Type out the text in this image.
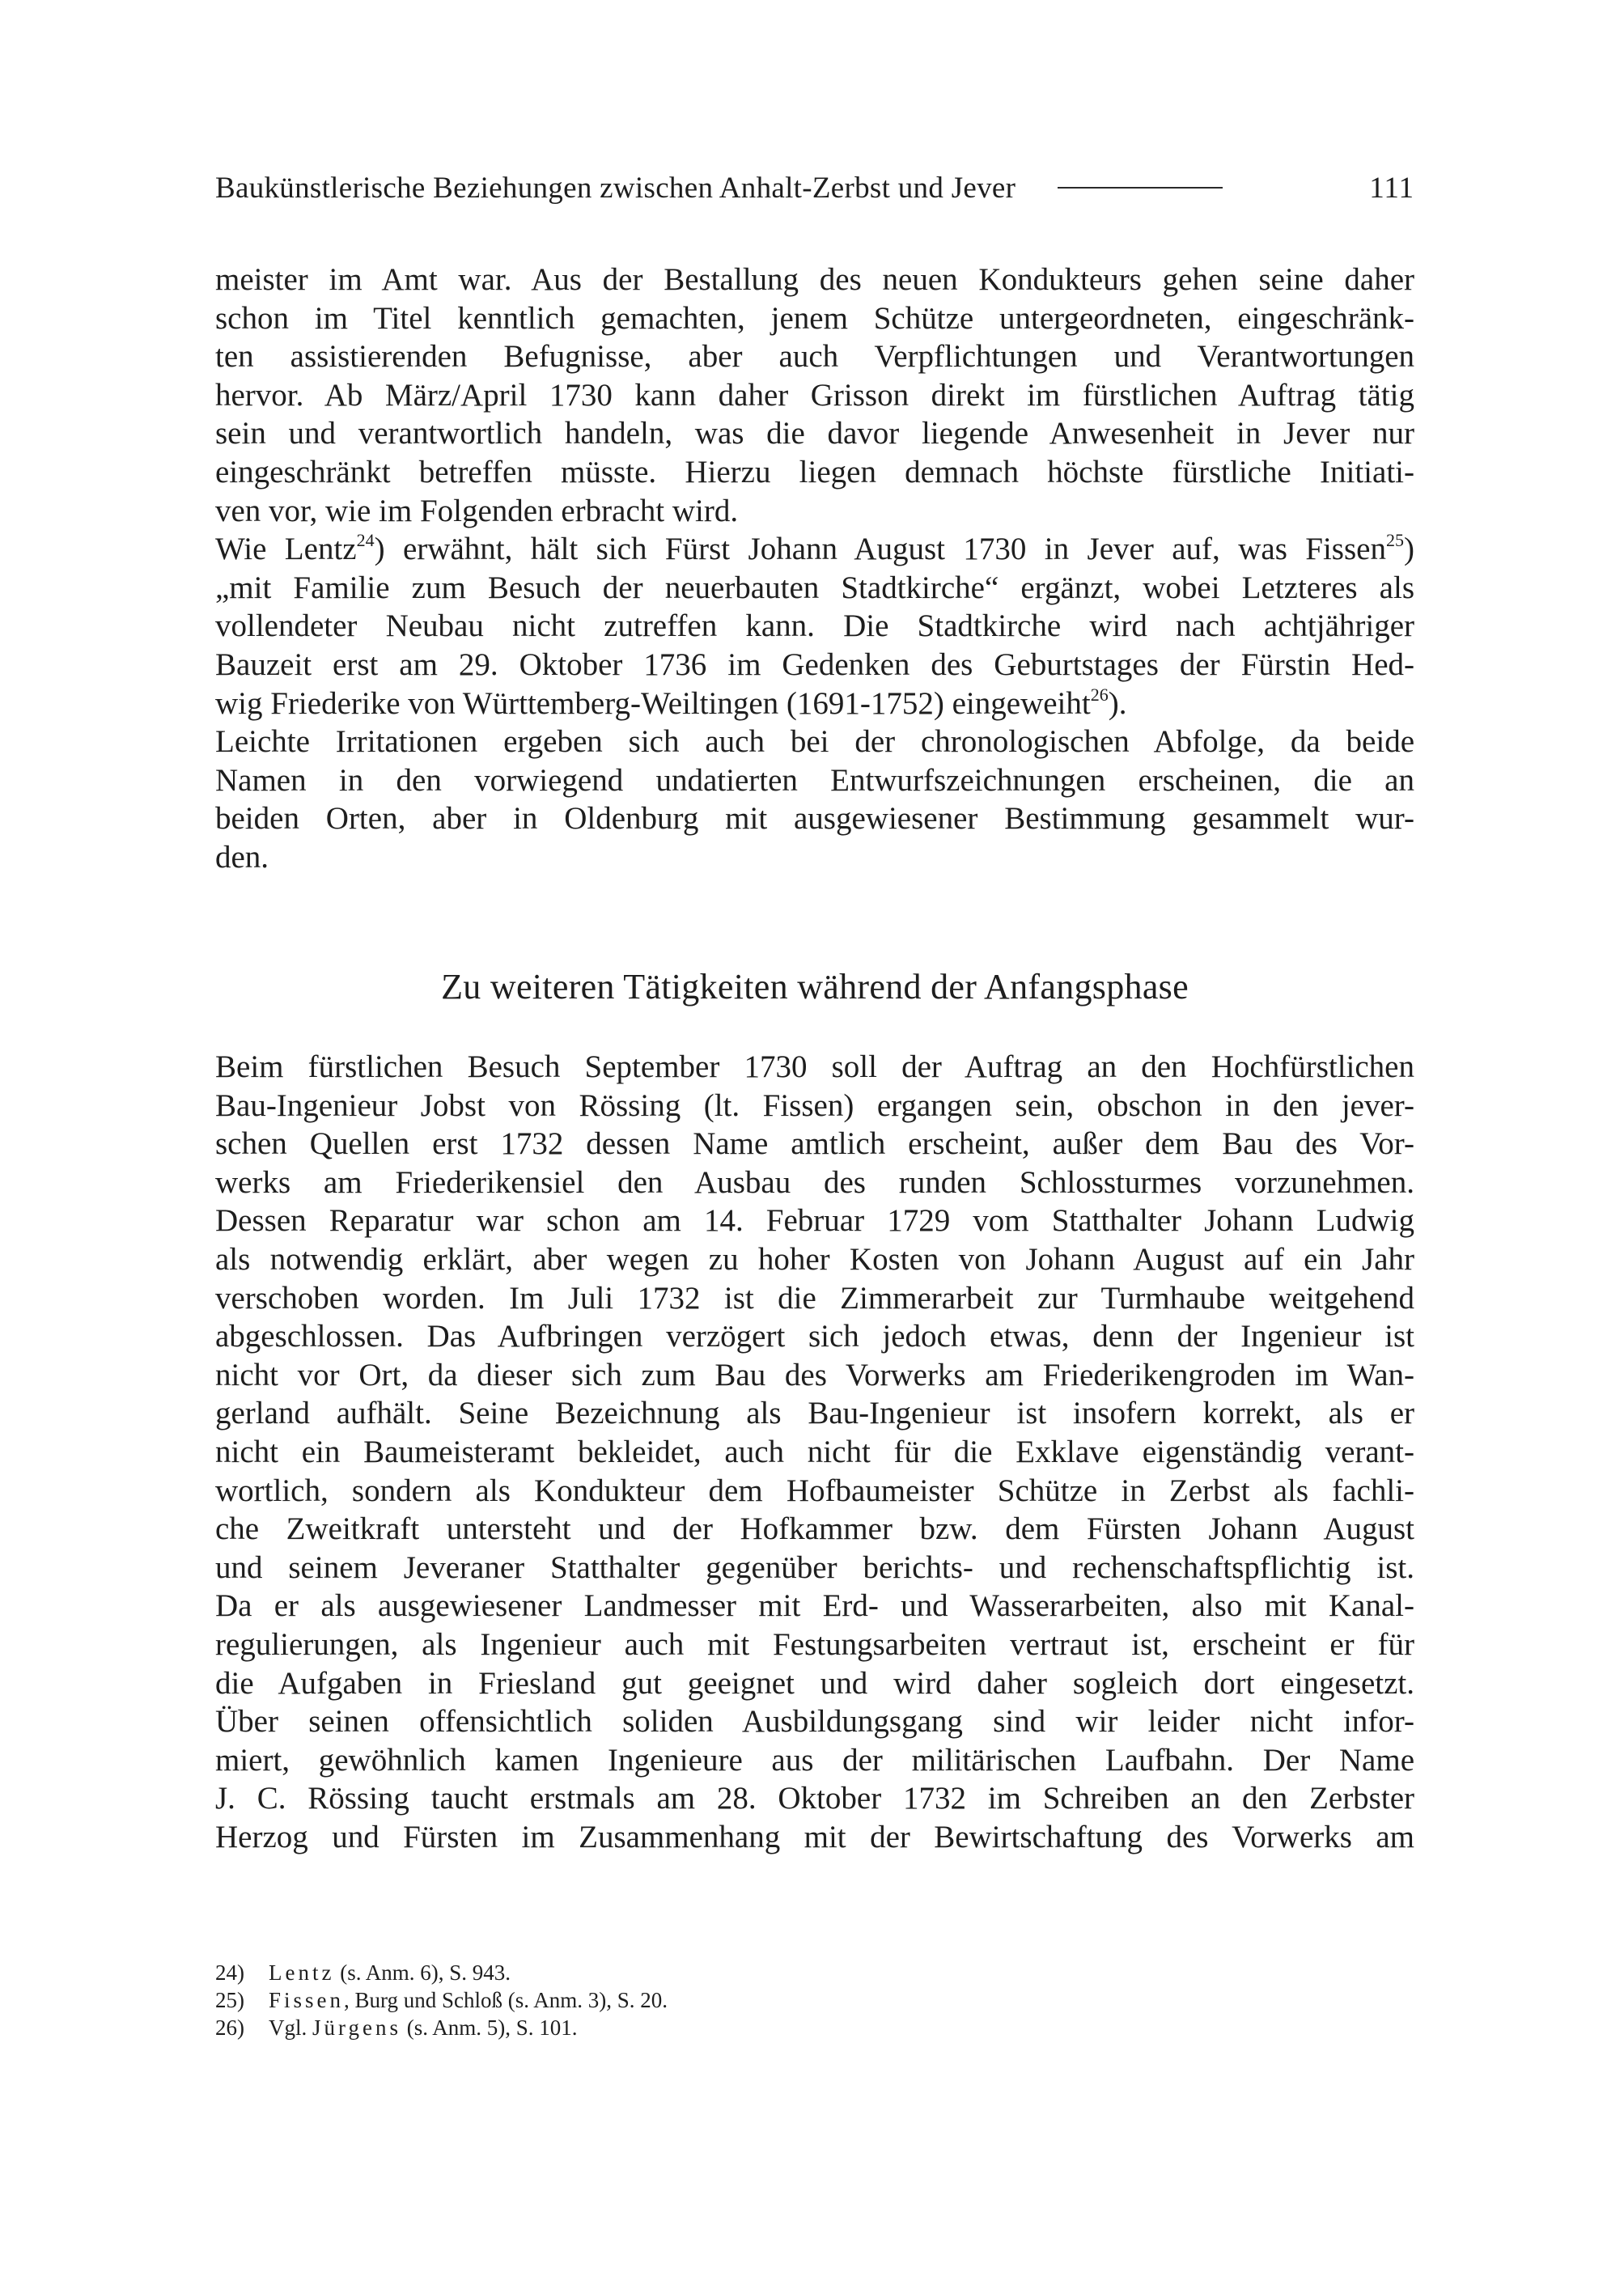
Baukünstlerische Beziehungen zwischen Anhalt-Zerbst und Jever	111
meister im Amt war. Aus der Bestallung des neuen Kondukteurs gehen seine daher
schon im Titel kenntlich gemachten, jenem Schütze untergeordneten, eingeschränk-
ten assistierenden Befugnisse, aber auch Verpflichtungen und Verantwortungen
hervor. Ab März/April 1730 kann daher Grisson direkt im fürstlichen Auftrag tätig
sein und verantwortlich handeln, was die davor liegende Anwesenheit in Jever nur
eingeschränkt betreffen müsste. Hierzu liegen demnach höchste fürstliche Initiati-
ven vor, wie im Folgenden erbracht wird.
Wie Lentz$^{24}$) erwähnt, hält sich Fürst Johann August 1730 in Jever auf, was Fissen$^{25}$)
„mit Familie zum Besuch der neuerbauten Stadtkirche“ ergänzt, wobei Letzteres als
vollendeter Neubau nicht zutreffen kann. Die Stadtkirche wird nach achtjähriger
Bauzeit erst am 29. Oktober 1736 im Gedenken des Geburtstages der Fürstin Hed-
wig Friederike von Württemberg-Weiltingen (1691-1752) eingeweiht$^{26}$).
Leichte Irritationen ergeben sich auch bei der chronologischen Abfolge, da beide
Namen in den vorwiegend undatierten Entwurfszeichnungen erscheinen, die an
beiden Orten, aber in Oldenburg mit ausgewiesener Bestimmung gesammelt wur-
den.
Zu weiteren Tätigkeiten während der Anfangsphase
Beim fürstlichen Besuch September 1730 soll der Auftrag an den Hochfürstlichen
Bau-Ingenieur Jobst von Rössing (lt. Fissen) ergangen sein, obschon in den jever-
schen Quellen erst 1732 dessen Name amtlich erscheint, außer dem Bau des Vor-
werks am Friederikensiel den Ausbau des runden Schlossturmes vorzunehmen.
Dessen Reparatur war schon am 14. Februar 1729 vom Statthalter Johann Ludwig
als notwendig erklärt, aber wegen zu hoher Kosten von Johann August auf ein Jahr
verschoben worden. Im Juli 1732 ist die Zimmerarbeit zur Turmhaube weitgehend
abgeschlossen. Das Aufbringen verzögert sich jedoch etwas, denn der Ingenieur ist
nicht vor Ort, da dieser sich zum Bau des Vorwerks am Friederikengroden im Wan-
gerland aufhält. Seine Bezeichnung als Bau-Ingenieur ist insofern korrekt, als er
nicht ein Baumeisteramt bekleidet, auch nicht für die Exklave eigenständig verant-
wortlich, sondern als Kondukteur dem Hofbaumeister Schütze in Zerbst als fachli-
che Zweitkraft untersteht und der Hofkammer bzw. dem Fürsten Johann August
und seinem Jeveraner Statthalter gegenüber berichts- und rechenschaftspflichtig ist.
Da er als ausgewiesener Landmesser mit Erd- und Wasserarbeiten, also mit Kanal-
regulierungen, als Ingenieur auch mit Festungsarbeiten vertraut ist, erscheint er für
die Aufgaben in Friesland gut geeignet und wird daher sogleich dort eingesetzt.
Über seinen offensichtlich soliden Ausbildungsgang sind wir leider nicht infor-
miert, gewöhnlich kamen Ingenieure aus der militärischen Laufbahn. Der Name
J. C. Rössing taucht erstmals am 28. Oktober 1732 im Schreiben an den Zerbster
Herzog und Fürsten im Zusammenhang mit der Bewirtschaftung des Vorwerks am
24) Lentz (s. Anm. 6), S. 943.
25) Fissen, Burg und Schloß (s. Anm. 3), S. 20.
26) Vgl. Jürgens (s. Anm. 5), S. 101.
